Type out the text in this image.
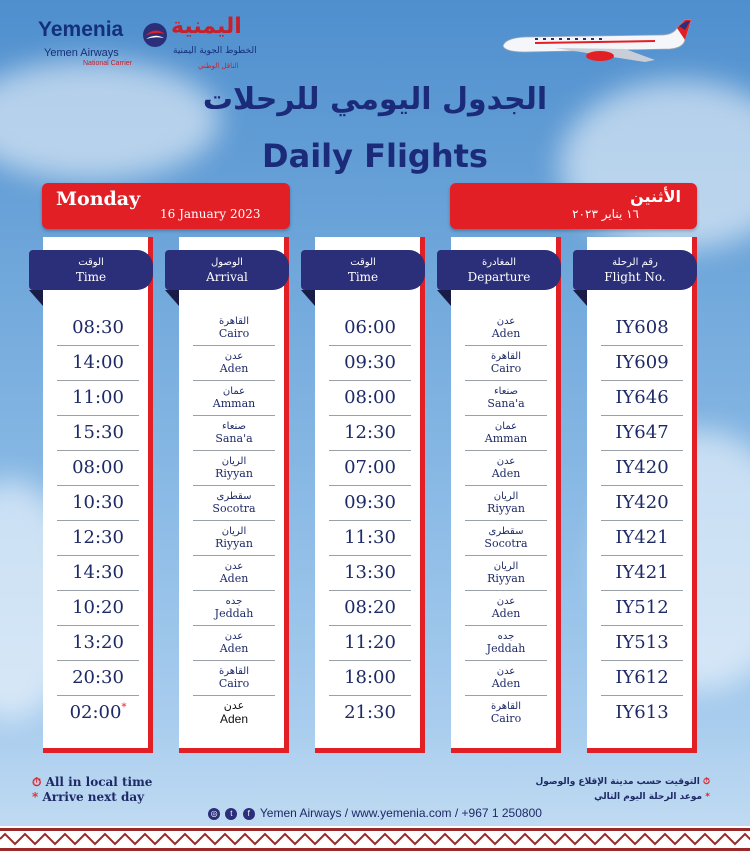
Yemenia
Yemen Airways
National Carrier
اليمنية
الخطوط الجوية اليمنية
الناقل الوطني
الجدول اليومي للرحلات
Daily Flights
Monday
16 January 2023
الأثنين
١٦ يناير ٢٠٢٣
الوقت
Time
08:30
14:00
11:00
15:30
08:00
10:30
12:30
14:30
10:20
13:20
20:30
02:00 *
الوصول
Arrival
القاهرة
Cairo
عدن
Aden
عمان
Amman
صنعاء
Sana'a
الريان
Riyyan
سقطرى
Socotra
الريان
Riyyan
عدن
Aden
جده
Jeddah
عدن
Aden
القاهرة
Cairo
عدن
Aden
الوقت
Time
06:00
09:30
08:00
12:30
07:00
09:30
11:30
13:30
08:20
11:20
18:00
21:30
المغادرة
Departure
عدن
Aden
القاهرة
Cairo
صنعاء
Sana'a
عمان
Amman
عدن
Aden
الريان
Riyyan
سقطرى
Socotra
الريان
Riyyan
عدن
Aden
جده
Jeddah
عدن
Aden
القاهرة
Cairo
رقم الرحلة
Flight No.
IY608
IY609
IY646
IY647
IY420
IY420
IY421
IY421
IY512
IY513
IY612
IY613
⏱ All in local time
* Arrive next day
⏱ التوقيت حسب مدينة الإقلاع والوصول
* موعد الرحلة اليوم التالي
◎ t f Yemen Airways / www.yemenia.com / +967 1 250800
